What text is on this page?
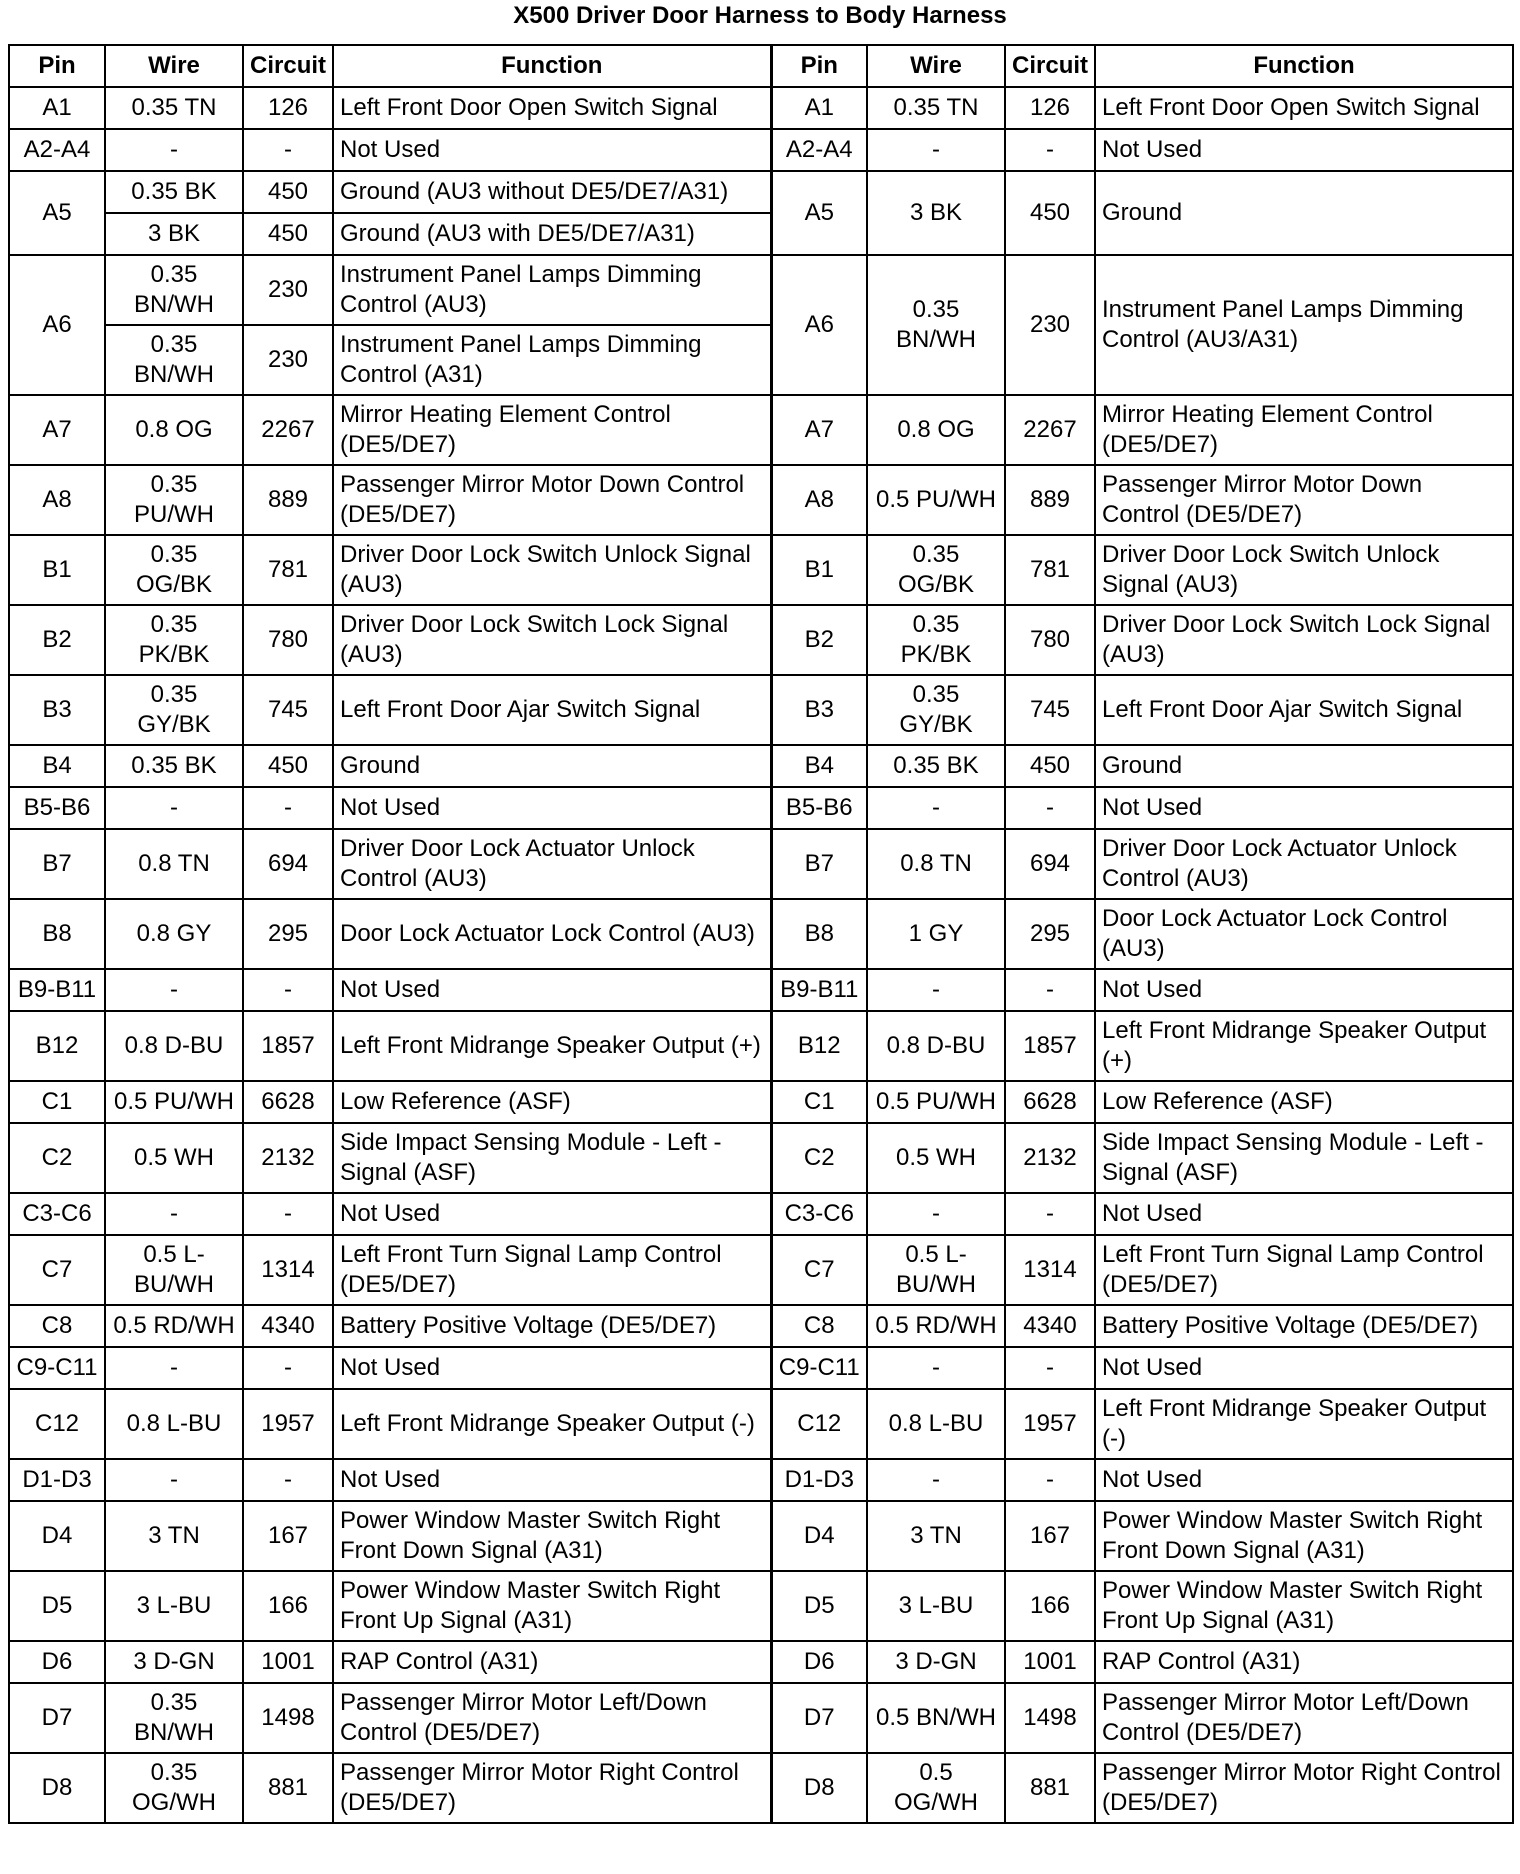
X500 Driver Door Harness to Body Harness
Pin	Wire	Circuit	Function	Pin	Wire	Circuit	Function
A1	0.35 TN	126	Left Front Door Open Switch Signal	A1	0.35 TN	126	Left Front Door Open Switch Signal
A2-A4	-	-	Not Used	A2-A4	-	-	Not Used
A5	0.35 BK	450	Ground (AU3 without DE5/DE7/A31)	A5	3 BK	450	Ground
	3 BK	450	Ground (AU3 with DE5/DE7/A31)				
A6	0.35 BN/WH	230	Instrument Panel Lamps Dimming Control (AU3)	A6	0.35 BN/WH	230	Instrument Panel Lamps Dimming Control (AU3/A31)
	0.35 BN/WH	230	Instrument Panel Lamps Dimming Control (A31)				
A7	0.8 OG	2267	Mirror Heating Element Control (DE5/DE7)	A7	0.8 OG	2267	Mirror Heating Element Control (DE5/DE7)
A8	0.35 PU/WH	889	Passenger Mirror Motor Down Control (DE5/DE7)	A8	0.5 PU/WH	889	Passenger Mirror Motor Down Control (DE5/DE7)
B1	0.35 OG/BK	781	Driver Door Lock Switch Unlock Signal (AU3)	B1	0.35 OG/BK	781	Driver Door Lock Switch Unlock Signal (AU3)
B2	0.35 PK/BK	780	Driver Door Lock Switch Lock Signal (AU3)	B2	0.35 PK/BK	780	Driver Door Lock Switch Lock Signal (AU3)
B3	0.35 GY/BK	745	Left Front Door Ajar Switch Signal	B3	0.35 GY/BK	745	Left Front Door Ajar Switch Signal
B4	0.35 BK	450	Ground	B4	0.35 BK	450	Ground
B5-B6	-	-	Not Used	B5-B6	-	-	Not Used
B7	0.8 TN	694	Driver Door Lock Actuator Unlock Control (AU3)	B7	0.8 TN	694	Driver Door Lock Actuator Unlock Control (AU3)
B8	0.8 GY	295	Door Lock Actuator Lock Control (AU3)	B8	1 GY	295	Door Lock Actuator Lock Control (AU3)
B9-B11	-	-	Not Used	B9-B11	-	-	Not Used
B12	0.8 D-BU	1857	Left Front Midrange Speaker Output (+)	B12	0.8 D-BU	1857	Left Front Midrange Speaker Output (+)
C1	0.5 PU/WH	6628	Low Reference (ASF)	C1	0.5 PU/WH	6628	Low Reference (ASF)
C2	0.5 WH	2132	Side Impact Sensing Module - Left - Signal (ASF)	C2	0.5 WH	2132	Side Impact Sensing Module - Left - Signal (ASF)
C3-C6	-	-	Not Used	C3-C6	-	-	Not Used
C7	0.5 L-BU/WH	1314	Left Front Turn Signal Lamp Control (DE5/DE7)	C7	0.5 L-BU/WH	1314	Left Front Turn Signal Lamp Control (DE5/DE7)
C8	0.5 RD/WH	4340	Battery Positive Voltage (DE5/DE7)	C8	0.5 RD/WH	4340	Battery Positive Voltage (DE5/DE7)
C9-C11	-	-	Not Used	C9-C11	-	-	Not Used
C12	0.8 L-BU	1957	Left Front Midrange Speaker Output (-)	C12	0.8 L-BU	1957	Left Front Midrange Speaker Output (-)
D1-D3	-	-	Not Used	D1-D3	-	-	Not Used
D4	3 TN	167	Power Window Master Switch Right Front Down Signal (A31)	D4	3 TN	167	Power Window Master Switch Right Front Down Signal (A31)
D5	3 L-BU	166	Power Window Master Switch Right Front Up Signal (A31)	D5	3 L-BU	166	Power Window Master Switch Right Front Up Signal (A31)
D6	3 D-GN	1001	RAP Control (A31)	D6	3 D-GN	1001	RAP Control (A31)
D7	0.35 BN/WH	1498	Passenger Mirror Motor Left/Down Control (DE5/DE7)	D7	0.5 BN/WH	1498	Passenger Mirror Motor Left/Down Control (DE5/DE7)
D8	0.35 OG/WH	881	Passenger Mirror Motor Right Control (DE5/DE7)	D8	0.5 OG/WH	881	Passenger Mirror Motor Right Control (DE5/DE7)
